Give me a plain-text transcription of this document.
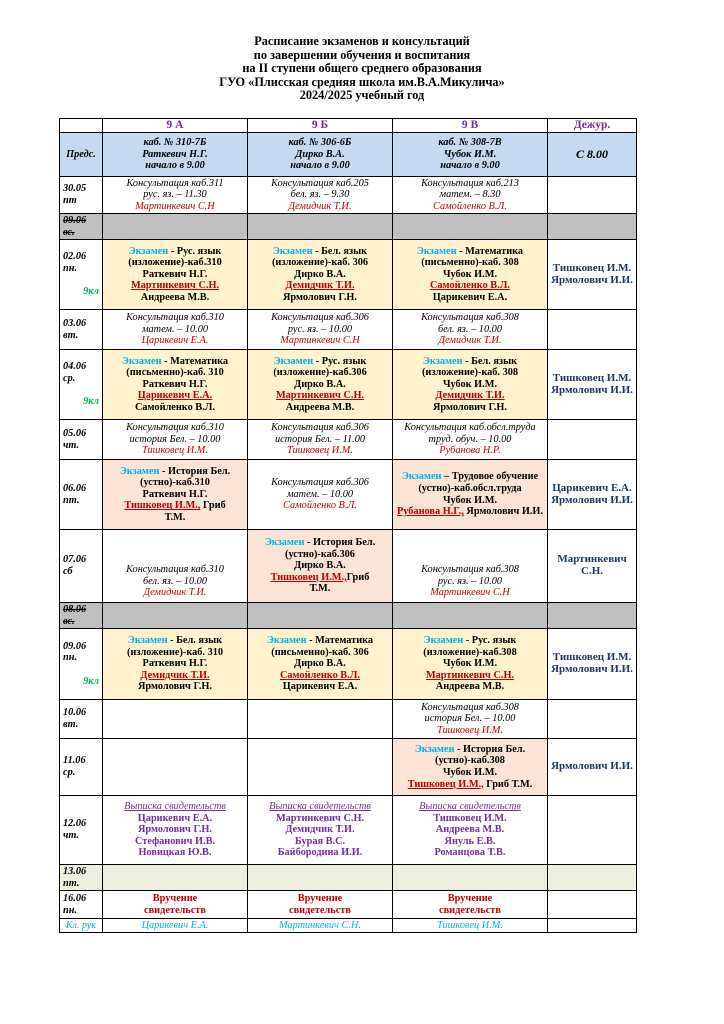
Расписание экзаменов и консультаций
по завершении обучения и воспитания
на II ступени общего среднего образования
ГУО «Плисская средняя школа им.В.А.Микулича»
2024/2025 учебный год
	9 А	9 Б	9 В	Дежур.
Предс.	каб. № 310-7Б
Раткевич Н.Г.
начало в 9.00	каб. № 306-6Б
Дирко В.А.
начало в 9.00	каб. № 308-7В
Чубок И.М.
начало в 9.00	С 8.00

30.05
пт	Консультация каб.311
рус. яз. – 11.30
Мартинкевич С.Н	Консультация каб.205
бел. яз. – 9.30
Демидчик Т.И.	Консультация каб.213
матем. – 8.30
Самойленко В.Л.	

09.06
вс.				

02.06
пн.
9кл	Экзамен - Рус. язык
(изложение)-каб.310
Раткевич Н.Г.
Мартинкевич С.Н.
Андреева М.В.	Экзамен - Бел. язык
(изложение)-каб. 306
Дирко В.А.
Демидчик Т.И.
Ярмолович Г.Н.	Экзамен - Математика
(письменно)-каб. 308
Чубок И.М.
Самойленко В.Л.
Царикевич Е.А.	Тишковец И.М.
Ярмолович И.И.

03.06
вт.	Консультация каб.310
матем. – 10.00
Царикевич Е.А.	Консультация каб.306
рус. яз. – 10.00
Мартинкевич С.Н	Консультация каб.308
бел. яз. – 10.00
Демидчик Т.И.	

04.06
ср.
9кл	Экзамен - Математика
(письменно)-каб. 310
Раткевич Н.Г.
Царикевич Е.А.
Самойленко В.Л.	Экзамен - Рус. язык
(изложение)-каб.306
Дирко В.А.
Мартинкевич С.Н.
Андреева М.В.	Экзамен - Бел. язык
(изложение)-каб. 308
Чубок И.М.
Демидчик Т.И.
Ярмолович Г.Н.	Тишковец И.М.
Ярмолович И.И.

05.06
чт.	Консультация каб.310
история Бел. – 10.00
Тишковец И.М.	Консультация каб.306
история Бел. – 11.00
Тишковец И.М.	Консультация каб.обсл.труда
труд. обуч. – 10.00
Рубанова Н.Р.	

06.06
пт.	Экзамен - История Бел.
(устно)-каб.310
Раткевич Н.Г.
Тишковец И.М., Гриб
Т.М.	Консультация каб.306
матем. – 10.00
Самойленко В.Л.	Экзамен – Трудовое обучение
(устно)-каб.обсл.труда
Чубок И.М.
Рубанова Н.Г., Ярмолович И.И.	Царикевич Е.А.
Ярмолович И.И.

07.06
сб	Консультация каб.310
бел. яз. – 10.00
Демидчик Т.И.	Экзамен - История Бел.
(устно)-каб.306
Дирко В.А.
Тишковец И.М.,Гриб
Т.М.	Консультация каб.308
рус. яз. – 10.00
Мартинкевич С.Н	Мартинкевич С.Н.

08.06
вс.				

09.06
пн.
9кл	Экзамен - Бел. язык
(изложение)-каб. 310
Раткевич Н.Г.
Демидчик Т.И.
Ярмолович Г.Н.	Экзамен - Математика
(письменно)-каб. 306
Дирко В.А.
Самойленко В.Л.
Царикевич Е.А.	Экзамен - Рус. язык
(изложение)-каб.308
Чубок И.М.
Мартинкевич С.Н.
Андреева М.В.	Тишковец И.М.
Ярмолович И.И.

10.06
вт.			Консультация каб.308
история Бел. – 10.00
Тишковец И.М.	

11.06
ср.			Экзамен - История Бел.
(устно)-каб.308
Чубок И.М.
Тишковец И.М., Гриб Т.М.	Ярмолович И.И.

12.06
чт.	Выписка свидетельств
Царикевич Е.А.
Ярмолович Г.Н.
Стефанович И.В.
Новицкая Ю.В.	Выписка свидетельств
Мартинкевич С.Н.
Демидчик Т.И.
Бурая В.С.
Байбородина И.И.	Выписка свидетельств
Тишковец И.М.
Андреева М.В.
Януль Е.В.
Романцова Т.В.	

13.06
пт.				

16.06
пн.	Вручение
свидетельств	Вручение
свидетельств	Вручение
свидетельств	

Кл. рук	Царикевич Е.А.	Мартинкевич С.Н.	Тишковец И.М.	
